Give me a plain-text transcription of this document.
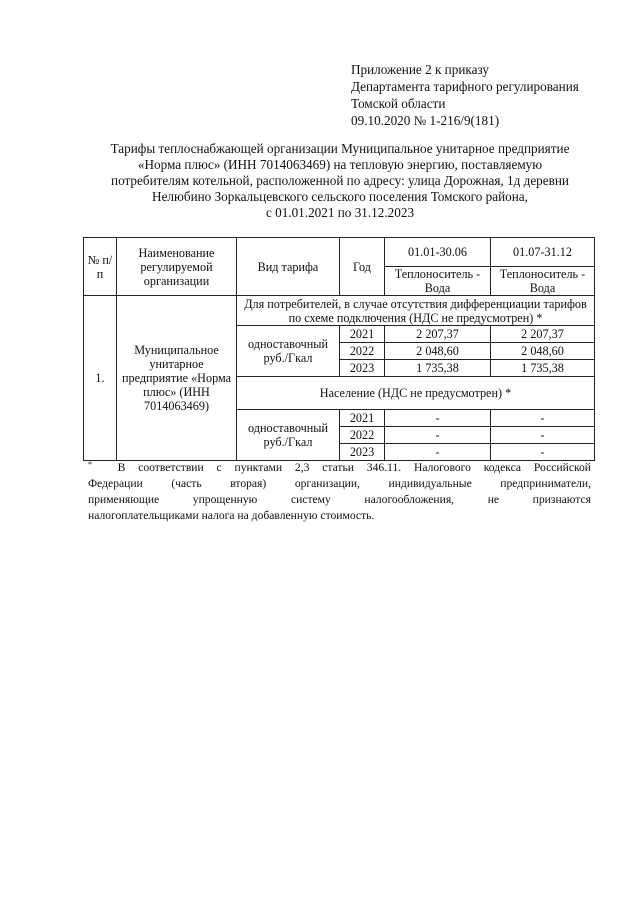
Приложение 2 к приказу
Департамента тарифного регулирования
Томской области
09.10.2020 № 1-216/9(181)
Тарифы теплоснабжающей организации Муниципальное унитарное предприятие
«Норма плюс» (ИНН 7014063469) на тепловую энергию, поставляемую
потребителям котельной, расположенной по адресу: улица Дорожная, 1д деревни
Нелюбино Зоркальцевского сельского поселения Томского района,
с 01.01.2021 по 31.12.2023
№ п/п	Наименование регулируемой организации	Вид тарифа	Год	01.01-30.06	01.07-31.12
				Теплоноситель - Вода	Теплоноситель - Вода
1.	Муниципальное унитарное предприятие «Норма плюс» (ИНН 7014063469)	Для потребителей, в случае отсутствия дифференциации тарифов по схеме подключения (НДС не предусмотрен) *			
		одноставочный руб./Гкал	2021	2 207,37	2 207,37
			2022	2 048,60	2 048,60
			2023	1 735,38	1 735,38
		Население (НДС не предусмотрен) *			
		одноставочный руб./Гкал	2021	-	-
			2022	-	-
			2023	-	-
* В соответствии с пунктами 2,3 статьи 346.11. Налогового кодекса Российской
Федерации (часть вторая) организации, индивидуальные предприниматели,
применяющие упрощенную систему налогообложения, не признаются
налогоплательщиками налога на добавленную стоимость.
